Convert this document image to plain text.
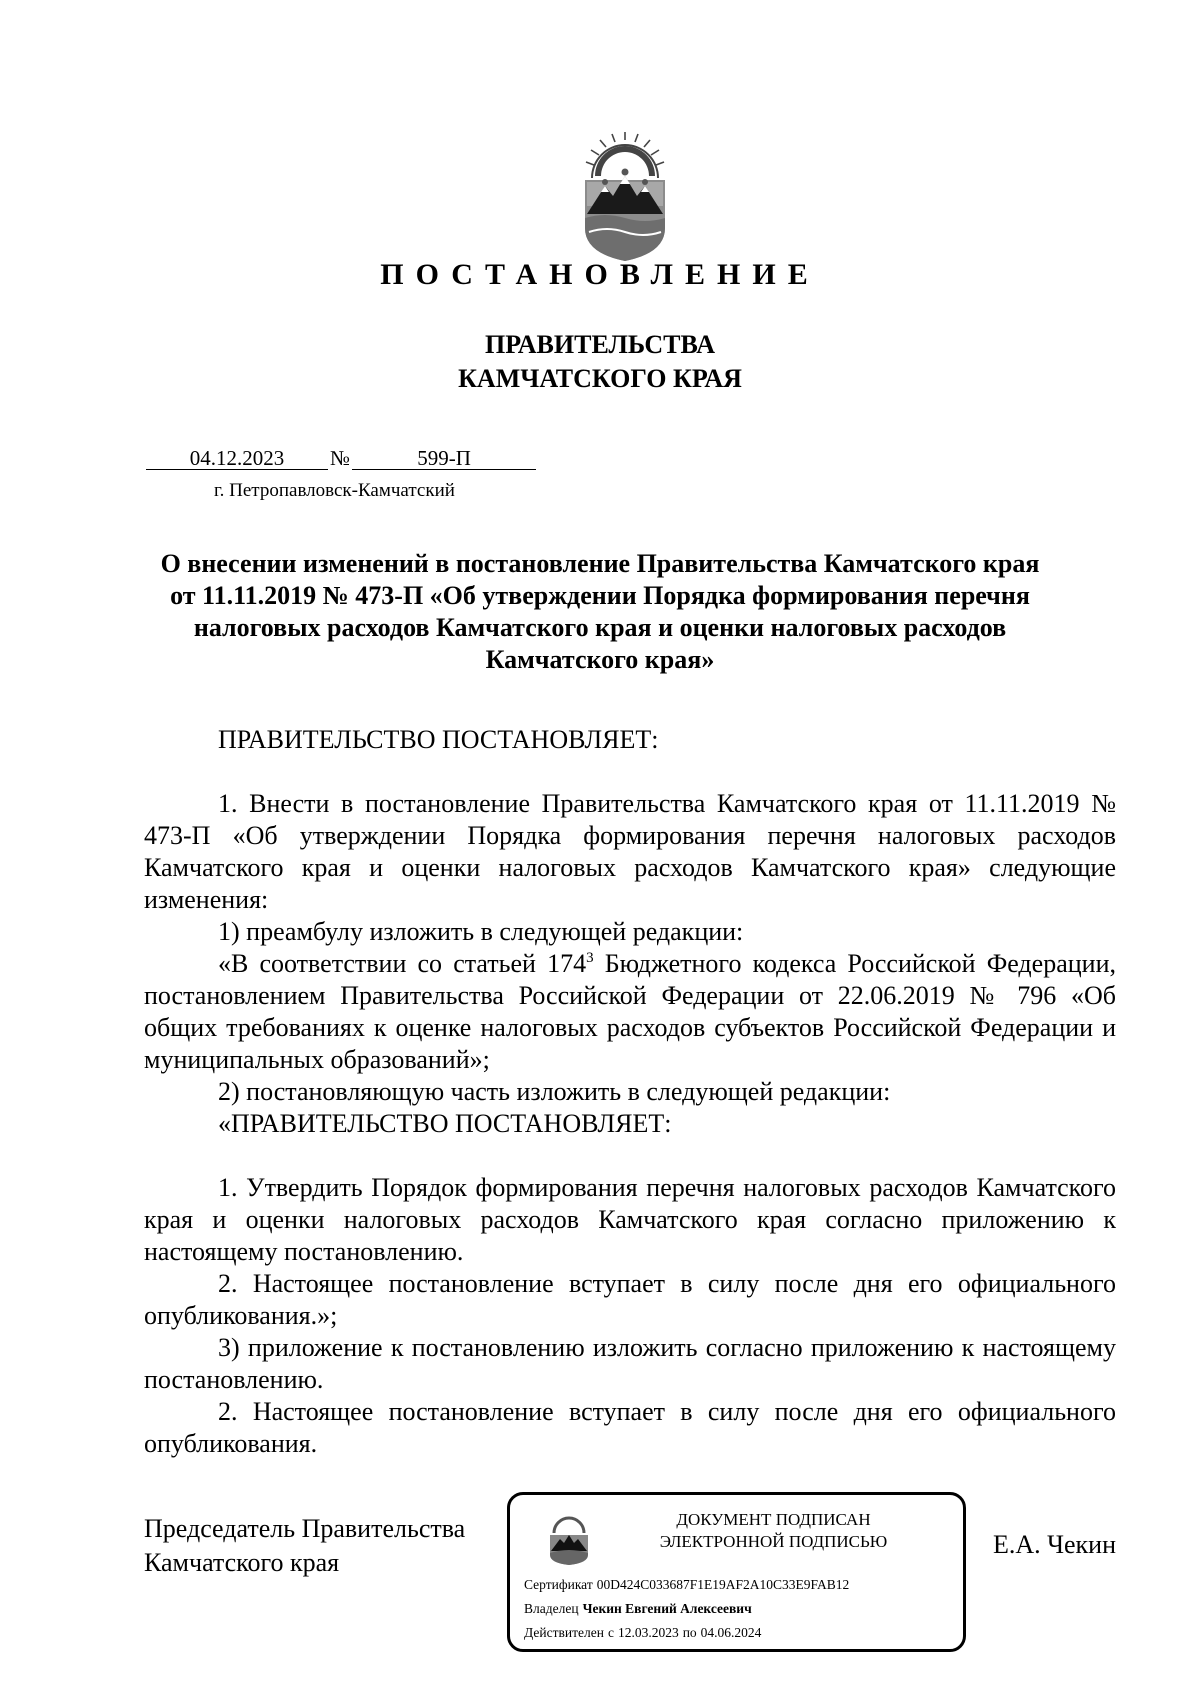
ПОСТАНОВЛЕНИЕ
ПРАВИТЕЛЬСТВА
КАМЧАТСКОГО КРАЯ
04.12.2023 №	599-П
г. Петропавловск-Камчатский
О внесении изменений в постановление Правительства Камчатского края от 11.11.2019 № 473-П «Об утверждении Порядка формирования перечня налоговых расходов Камчатского края и оценки налоговых расходов Камчатского края»
ПРАВИТЕЛЬСТВО ПОСТАНОВЛЯЕТ:
1. Внести в постановление Правительства Камчатского края от 11.11.2019 № 473-П «Об утверждении Порядка формирования перечня налоговых расходов Камчатского края и оценки налоговых расходов Камчатского края» следующие изменения:
1) преамбулу изложить в следующей редакции:
«В соответствии со статьей $174^3$ Бюджетного кодекса Российской Федерации, постановлением Правительства Российской Федерации от 22.06.2019 № 796 «Об общих требованиях к оценке налоговых расходов субъектов Российской Федерации и муниципальных образований»;
2) постановляющую часть изложить в следующей редакции:
«ПРАВИТЕЛЬСТВО ПОСТАНОВЛЯЕТ:
1. Утвердить Порядок формирования перечня налоговых расходов Камчатского края и оценки налоговых расходов Камчатского края согласно приложению к настоящему постановлению.
2. Настоящее постановление вступает в силу после дня его официального опубликования.»;
3) приложение к постановлению изложить согласно приложению к настоящему постановлению.
2. Настоящее постановление вступает в силу после дня его официального опубликования.
Председатель Правительства
Камчатского края
Е.А. Чекин
ДОКУМЕНТ ПОДПИСАН
ЭЛЕКТРОННОЙ ПОДПИСЬЮ
Сертификат 00D424C033687F1E19AF2A10C33E9FAB12
Владелец Чекин Евгений Алексеевич
Действителен с 12.03.2023 по 04.06.2024
